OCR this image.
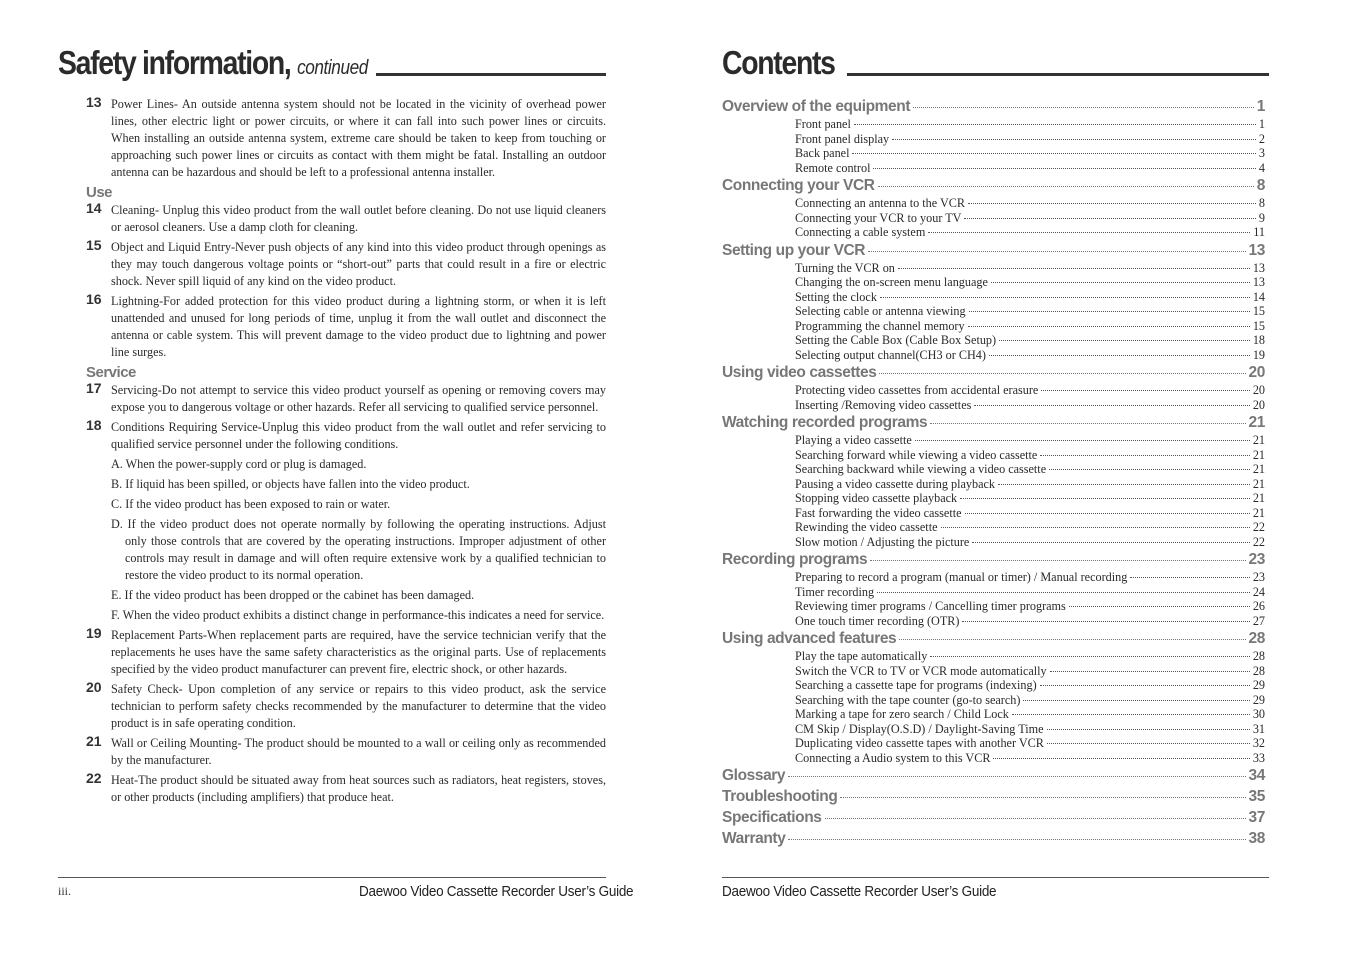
Safety information, continued
13 Power Lines- An outside antenna system should not be located in the vicinity of overhead power lines, other electric light or power circuits, or where it can fall into such power lines or circuits. When installing an outside antenna system, extreme care should be taken to keep from touching or approaching such power lines or circuits as contact with them might be fatal. Installing an outdoor antenna can be hazardous and should be left to a professional antenna installer.
Use
14 Cleaning- Unplug this video product from the wall outlet before cleaning. Do not use liquid cleaners or aerosol cleaners. Use a damp cloth for cleaning.
15 Object and Liquid Entry-Never push objects of any kind into this video product through openings as they may touch dangerous voltage points or “short-out” parts that could result in a fire or electric shock. Never spill liquid of any kind on the video product.
16 Lightning-For added protection for this video product during a lightning storm, or when it is left unattended and unused for long periods of time, unplug it from the wall outlet and disconnect the antenna or cable system. This will prevent damage to the video product due to lightning and power line surges.
Service
17 Servicing-Do not attempt to service this video product yourself as opening or removing covers may expose you to dangerous voltage or other hazards. Refer all servicing to qualified service personnel.
18 Conditions Requiring Service-Unplug this video product from the wall outlet and refer servicing to qualified service personnel under the following conditions.
A. When the power-supply cord or plug is damaged.
B. If liquid has been spilled, or objects have fallen into the video product.
C. If the video product has been exposed to rain or water.
D. If the video product does not operate normally by following the operating instructions. Adjust only those controls that are covered by the operating instructions. Improper adjustment of other controls may result in damage and will often require extensive work by a qualified technician to restore the video product to its normal operation.
E. If the video product has been dropped or the cabinet has been damaged.
F. When the video product exhibits a distinct change in performance-this indicates a need for service.
19 Replacement Parts-When replacement parts are required, have the service technician verify that the replacements he uses have the same safety characteristics as the original parts. Use of replacements specified by the video product manufacturer can prevent fire, electric shock, or other hazards.
20 Safety Check- Upon completion of any service or repairs to this video product, ask the service technician to perform safety checks recommended by the manufacturer to determine that the video product is in safe operating condition.
21 Wall or Ceiling Mounting- The product should be mounted to a wall or ceiling only as recommended by the manufacturer.
22 Heat-The product should be situated away from heat sources such as radiators, heat registers, stoves, or other products (including amplifiers) that produce heat.
iii.	Daewoo Video Cassette Recorder User’s Guide
Contents
Overview of the equipment	1
Front panel	1
Front panel display	2
Back panel	3
Remote control	4
Connecting your VCR	8
Connecting an antenna to the VCR	8
Connecting your VCR to your TV	9
Connecting a cable system	11
Setting up your VCR	13
Turning the VCR on	13
Changing the on-screen menu language	13
Setting the clock	14
Selecting cable or antenna viewing	15
Programming the channel memory	15
Setting the Cable Box (Cable Box Setup)	18
Selecting output channel(CH3 or CH4)	19
Using video cassettes	20
Protecting video cassettes from accidental erasure	20
Inserting /Removing video cassettes	20
Watching recorded programs	21
Playing a video cassette	21
Searching forward while viewing a video cassette	21
Searching backward while viewing a video cassette	21
Pausing a video cassette during playback	21
Stopping video cassette playback	21
Fast forwarding the video cassette	21
Rewinding the video cassette	22
Slow motion / Adjusting the picture	22
Recording programs	23
Preparing to record a program (manual or timer) / Manual recording	23
Timer recording	24
Reviewing timer programs / Cancelling timer programs	26
One touch timer recording (OTR)	27
Using advanced features	28
Play the tape automatically	28
Switch the VCR to TV or VCR mode automatically	28
Searching a cassette tape for programs (indexing)	29
Searching with the tape counter (go-to search)	29
Marking a tape for zero search / Child Lock	30
CM Skip / Display(O.S.D) / Daylight-Saving Time	31
Duplicating video cassette tapes with another VCR	32
Connecting a Audio system to this VCR	33
Glossary	34
Troubleshooting	35
Specifications	37
Warranty	38
Daewoo Video Cassette Recorder User’s Guide
